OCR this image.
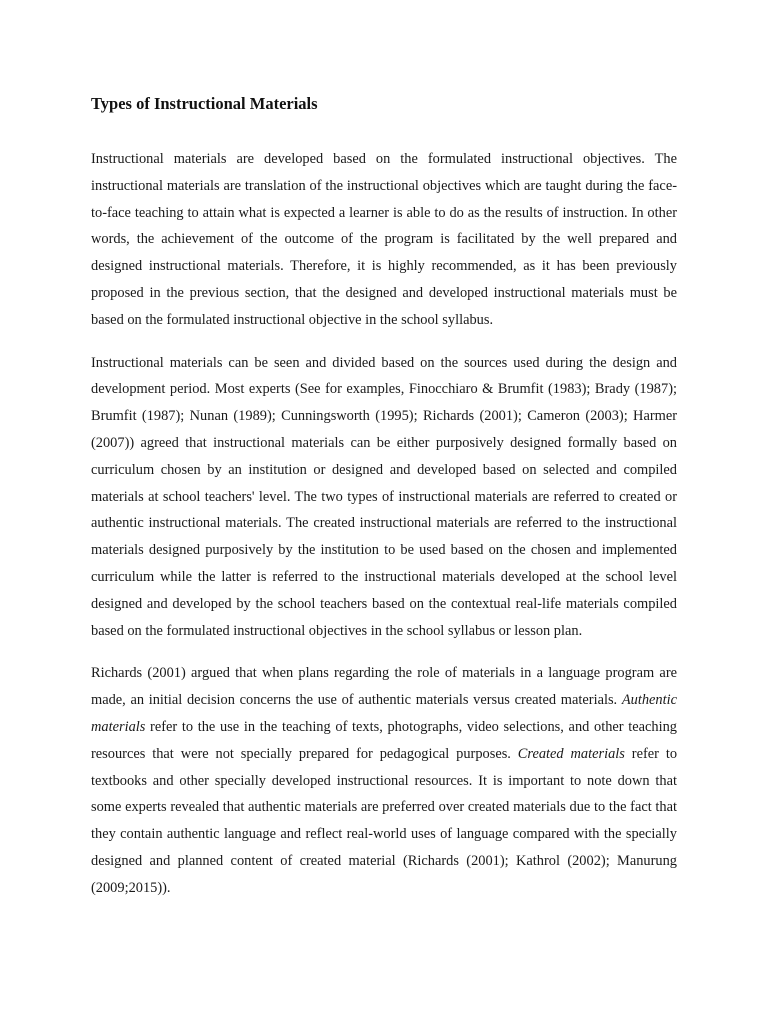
Types of Instructional Materials

Instructional materials are developed based on the formulated instructional objectives. The instructional materials are translation of the instructional objectives which are taught during the face-to-face teaching to attain what is expected a learner is able to do as the results of instruction. In other words, the achievement of the outcome of the program is facilitated by the well prepared and designed instructional materials. Therefore, it is highly recommended, as it has been previously proposed in the previous section, that the designed and developed instructional materials must be based on the formulated instructional objective in the school syllabus.

Instructional materials can be seen and divided based on the sources used during the design and development period. Most experts (See for examples, Finocchiaro & Brumfit (1983); Brady (1987); Brumfit (1987); Nunan (1989); Cunningsworth (1995); Richards (2001); Cameron (2003); Harmer (2007)) agreed that instructional materials can be either purposively designed formally based on curriculum chosen by an institution or designed and developed based on selected and compiled materials at school teachers' level. The two types of instructional materials are referred to created or authentic instructional materials. The created instructional materials are referred to the instructional materials designed purposively by the institution to be used based on the chosen and implemented curriculum while the latter is referred to the instructional materials developed at the school level designed and developed by the school teachers based on the contextual real-life materials compiled based on the formulated instructional objectives in the school syllabus or lesson plan.

Richards (2001) argued that when plans regarding the role of materials in a language program are made, an initial decision concerns the use of authentic materials versus created materials. Authentic materials refer to the use in the teaching of texts, photographs, video selections, and other teaching resources that were not specially prepared for pedagogical purposes. Created materials refer to textbooks and other specially developed instructional resources. It is important to note down that some experts revealed that authentic materials are preferred over created materials due to the fact that they contain authentic language and reflect real-world uses of language compared with the specially designed and planned content of created material (Richards (2001); Kathrol (2002); Manurung (2009;2015)).
